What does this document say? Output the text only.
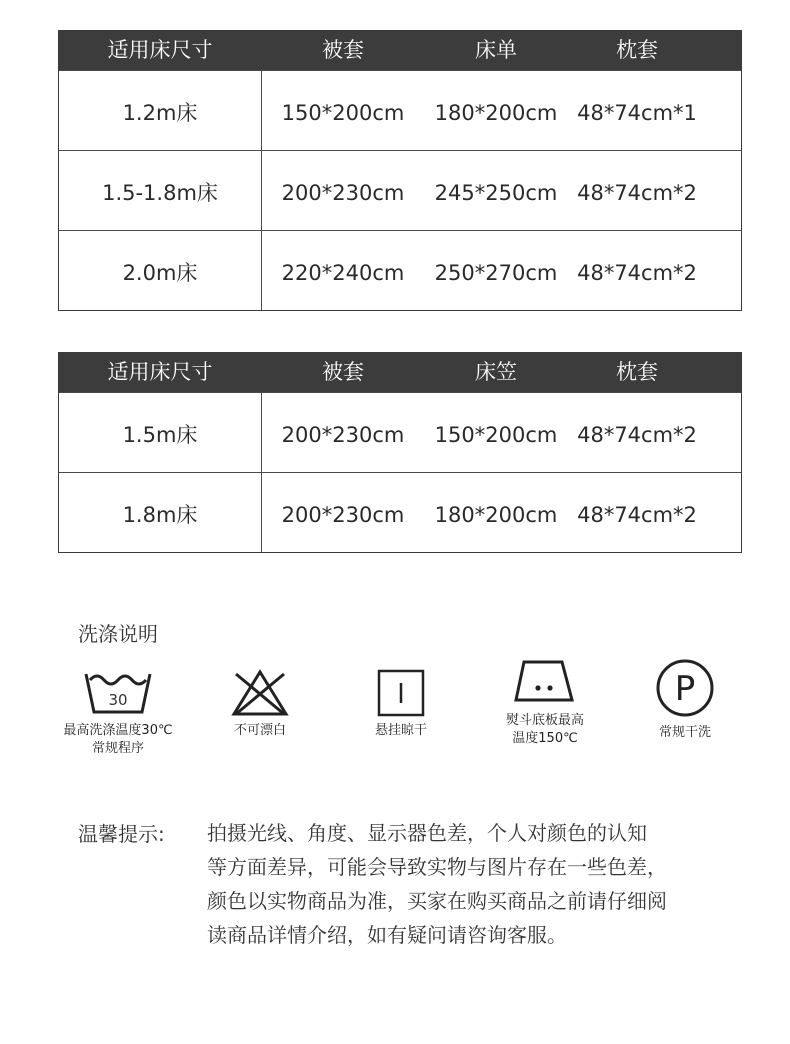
适用床尺寸	被套	床单	枕套
1.2m床	150*200cm	180*200cm 48*74cm*1
1.5-1.8m床	200*230cm	245*250cm 48*74cm*2
2.0m床	220*240cm	250*270cm 48*74cm*2
适用床尺寸	被套	床笠	枕套
1.5m床	200*230cm	150*200cm 48*74cm*2
1.8m床	200*230cm	180*200cm 48*74cm*2
洗涤说明
30
最高洗涤温度30℃
常规程序
不可漂白	悬挂晾干
熨斗底板最高
温度150℃
P
常规干洗
温馨提示: 拍摄光线、角度、显示器色差，个人对颜色的认知
等方面差异，可能会导致实物与图片存在一些色差，
颜色以实物商品为准，买家在购买商品之前请仔细阅
读商品详情介绍，如有疑问请咨询客服。
